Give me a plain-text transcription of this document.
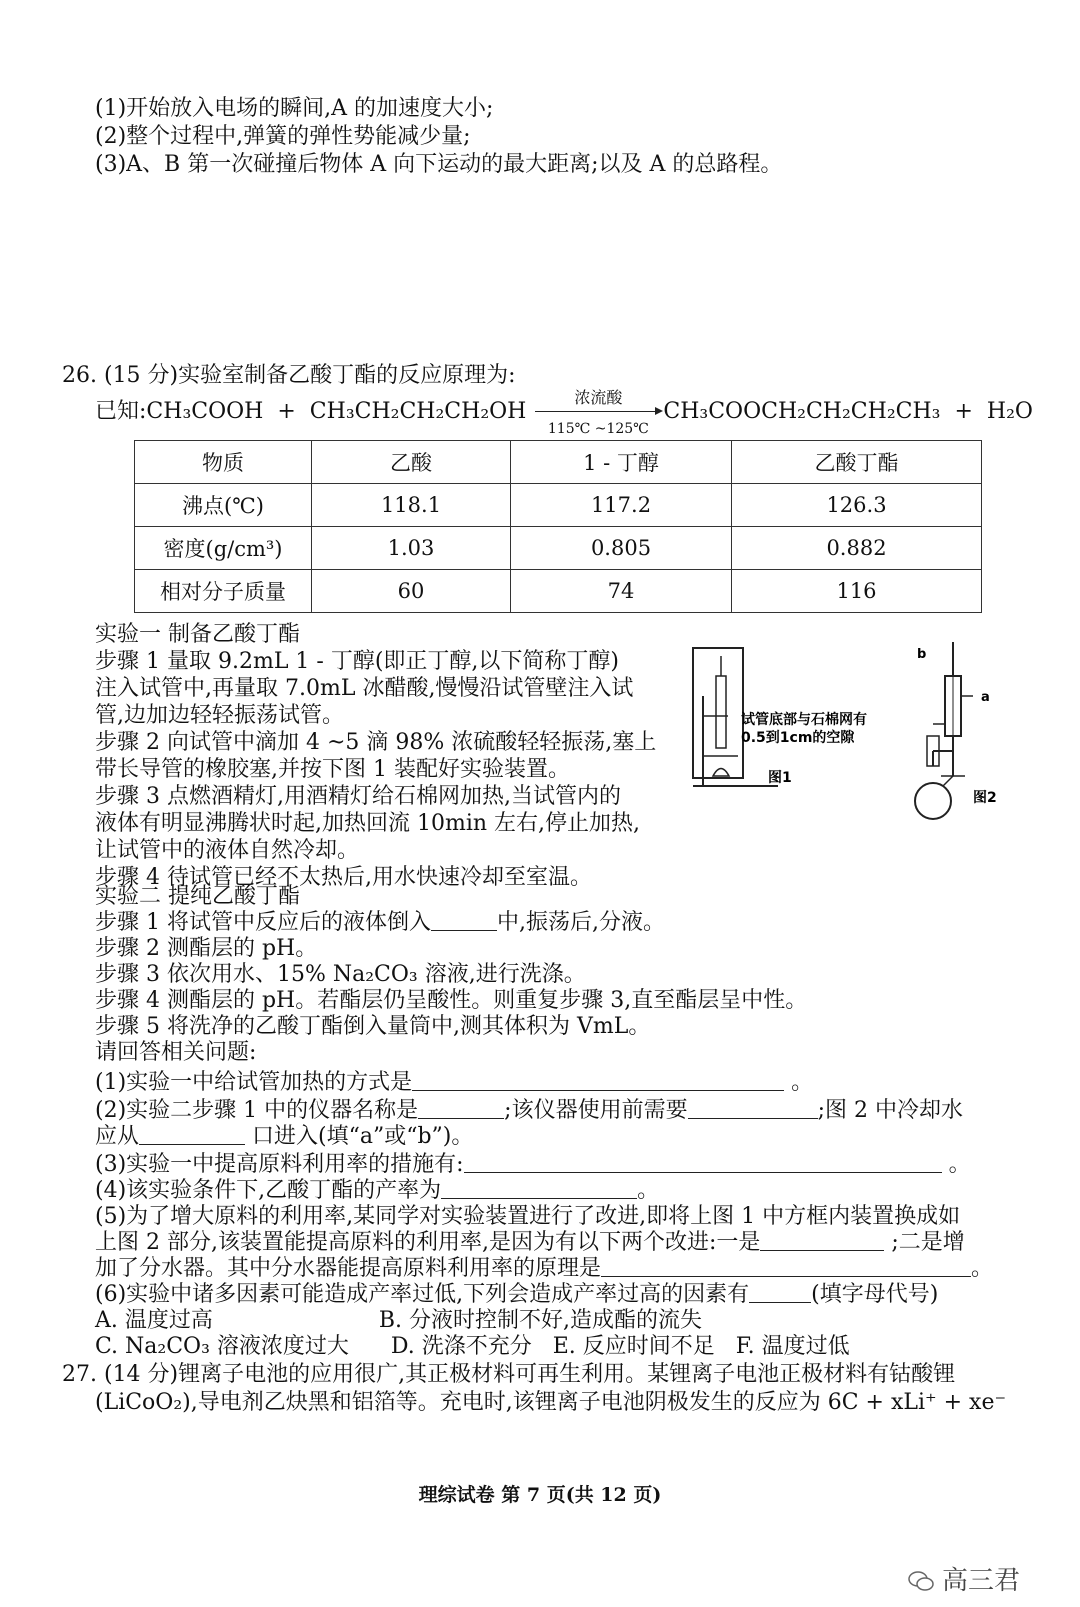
(1)开始放入电场的瞬间,A 的加速度大小;
(2)整个过程中,弹簧的弹性势能减少量;
(3)A、B 第一次碰撞后物体 A 向下运动的最大距离;以及 A 的总路程。
26. (15 分)实验室制备乙酸丁酯的反应原理为:
已知:CH₃COOH + CH₃CH₂CH₂CH₂OH
浓流酸
115℃ ~125℃
CH₃COOCH₂CH₂CH₂CH₃ + H₂O
物质	乙酸	1 - 丁醇	乙酸丁酯
沸点(℃)	118.1	117.2	126.3
密度(g/cm³)	1.03	0.805	0.882
相对分子质量	60	74	116
实验一 制备乙酸丁酯
步骤 1 量取 9.2mL 1 - 丁醇(即正丁醇,以下简称丁醇)
注入试管中,再量取 7.0mL 冰醋酸,慢慢沿试管壁注入试
管,边加边轻轻振荡试管。
步骤 2 向试管中滴加 4 ~5 滴 98% 浓硫酸轻轻振荡,塞上
带长导管的橡胶塞,并按下图 1 装配好实验装置。
步骤 3 点燃酒精灯,用酒精灯给石棉网加热,当试管内的
液体有明显沸腾状时起,加热回流 10min 左右,停止加热,
让试管中的液体自然冷却。
步骤 4 待试管已经不太热后,用水快速冷却至室温。
试管底部与石棉网有
0.5到1cm的空隙
图1
图2
b
a
实验二 提纯乙酸丁酯
步骤 1 将试管中反应后的液体倒入	中,振荡后,分液。
步骤 2 测酯层的 pH。
步骤 3 依次用水、15% Na₂CO₃ 溶液,进行洗涤。
步骤 4 测酯层的 pH。若酯层仍呈酸性。则重复步骤 3,直至酯层呈中性。
步骤 5 将洗净的乙酸丁酯倒入量筒中,测其体积为 VmL。
请回答相关问题:
(1)实验一中给试管加热的方式是	。
(2)实验二步骤 1 中的仪器名称是	;该仪器使用前需要	;图 2 中冷却水
应从	口进入(填“a”或“b”)。
(3)实验一中提高原料利用率的措施有:	。
(4)该实验条件下,乙酸丁酯的产率为	。
(5)为了增大原料的利用率,某同学对实验装置进行了改进,即将上图 1 中方框内装置换成如
上图 2 部分,该装置能提高原料的利用率,是因为有以下两个改进:一是	;二是增
加了分水器。其中分水器能提高原料利用率的原理是	。
(6)实验中诸多因素可能造成产率过低,下列会造成产率过高的因素有	(填字母代号)
A. 温度过高	B. 分液时控制不好,造成酯的流失
C. Na₂CO₃ 溶液浓度过大 D. 洗涤不充分 E. 反应时间不足 F. 温度过低
27. (14 分)锂离子电池的应用很广,其正极材料可再生利用。某锂离子电池正极材料有钴酸锂
(LiCoO₂),导电剂乙炔黑和铝箔等。充电时,该锂离子电池阴极发生的反应为 6C + xLi⁺ + xe⁻
理综试卷 第 7 页(共 12 页)
高三君
